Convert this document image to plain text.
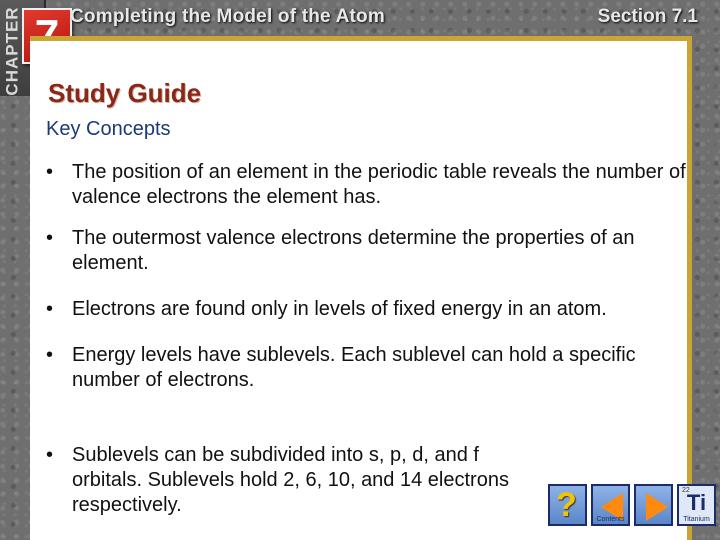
CHAPTER	Completing the Model of the Atom	Section 7.1
Study Guide
Key Concepts
• The position of an element in the periodic table reveals the number of valence electrons the element has.
• The outermost valence electrons determine the properties of an element.
• Electrons are found only in levels of fixed energy in an atom.
• Energy levels have sublevels. Each sublevel can hold a specific number of electrons.
• Sublevels can be subdivided into s, p, d, and f orbitals. Sublevels hold 2, 6, 10, and 14 electrons respectively.	?	Contents
22
Ti
Titanium
